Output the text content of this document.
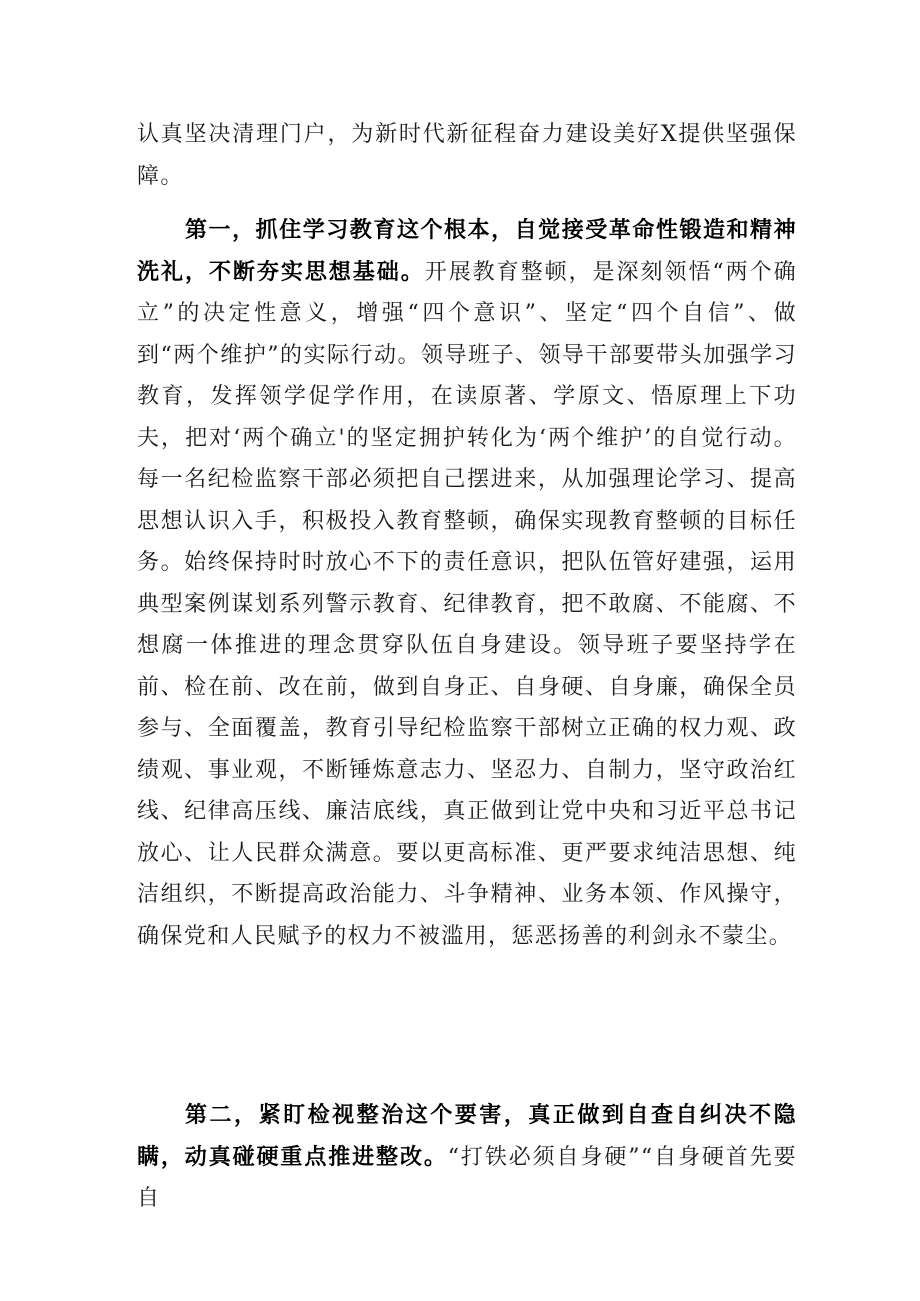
认真坚决清理门户，为新时代新征程奋力建设美好X提供坚强保障。

第一，抓住学习教育这个根本，自觉接受革命性锻造和精神洗礼，不断夯实思想基础。开展教育整顿，是深刻领悟“两个确立”的决定性意义，增强“四个意识”、坚定“四个自信”、做到“两个维护”的实际行动。领导班子、领导干部要带头加强学习教育，发挥领学促学作用，在读原著、学原文、悟原理上下功夫，把对‘两个确立'的坚定拥护转化为‘两个维护’的自觉行动。每一名纪检监察干部必须把自己摆进来，从加强理论学习、提高思想认识入手，积极投入教育整顿，确保实现教育整顿的目标任务。始终保持时时放心不下的责任意识，把队伍管好建强，运用典型案例谋划系列警示教育、纪律教育，把不敢腐、不能腐、不想腐一体推进的理念贯穿队伍自身建设。领导班子要坚持学在前、检在前、改在前，做到自身正、自身硬、自身廉，确保全员参与、全面覆盖，教育引导纪检监察干部树立正确的权力观、政绩观、事业观，不断锤炼意志力、坚忍力、自制力，坚守政治红线、纪律高压线、廉洁底线，真正做到让党中央和习近平总书记放心、让人民群众满意。要以更高标准、更严要求纯洁思想、纯洁组织，不断提高政治能力、斗争精神、业务本领、作风操守，确保党和人民赋予的权力不被滥用，惩恶扬善的利剑永不蒙尘。

第二，紧盯检视整治这个要害，真正做到自查自纠决不隐瞒，动真碰硬重点推进整改。“打铁必须自身硬”“自身硬首先要自
